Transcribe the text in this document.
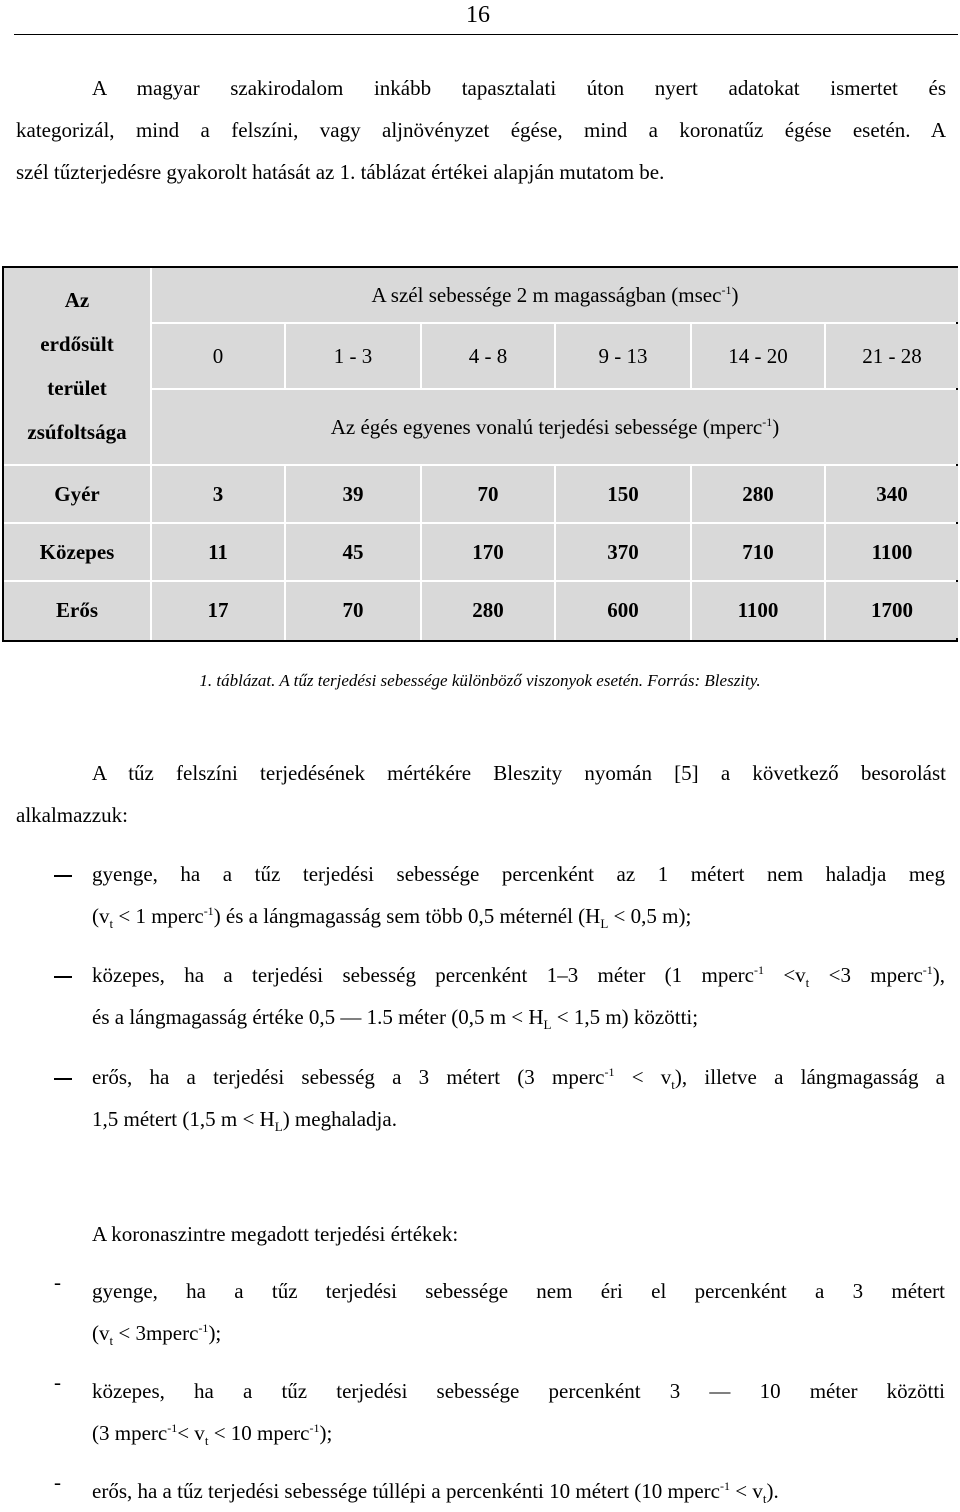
16
A magyar szakirodalom inkább tapasztalati úton nyert adatokat ismertet és
kategorizál, mind a felszíni, vagy aljnövényzet égése, mind a koronatűz égése esetén. A
szél tűzterjedésre gyakorolt hatását az 1. táblázat értékei alapján mutatom be.
Az
erdősült
terület
zsúfoltsága
A szél sebessége 2 m magasságban (msec$^{-1}$)
0	1 - 3	4 - 8	9 - 13	14 - 20	21 - 28
Az égés egyenes vonalú terjedési sebessége (mperc$^{-1}$)
Gyér	3	39	70	150	280	340
Közepes	11	45	170	370	710	1100
Erős	17	70	280	600	1100	1700
1. táblázat. A tűz terjedési sebessége különböző viszonyok esetén. Forrás: Bleszity.
A tűz felszíni terjedésének mértékére Bleszity nyomán [5] a következő besorolást
alkalmazzuk:
gyenge, ha a tűz terjedési sebessége percenként az 1 métert nem haladja meg
($v_t < 1$ mperc$^{-1}$) és a lángmagasság sem több 0,5 méternél ($H_L < 0,5$ m);
közepes, ha a terjedési sebesség percenként 1–3 méter (1 mperc$^{-1}$ $<v_t <3$ mperc$^{-1}$),
és a lángmagasság értéke 0,5 — 1.5 méter (0,5 $m < H_L < 1,5$ m) közötti;
erős, ha a terjedési sebesség a 3 métert (3 mperc$^{-1}$ < $v_t$), illetve a lángmagasság a
1,5 métert (1,5 $m < H_L$) meghaladja.
A koronaszintre megadott terjedési értékek:
- gyenge, ha a tűz terjedési sebessége nem éri el percenként a 3 métert
($v_t$ < 3mperc$^{-1}$);
- közepes, ha a tűz terjedési sebessége percenként 3 — 10 méter közötti
(3 mperc$^{-1}$< $v_t < 10$ mperc$^{-1}$);
- erős, ha a tűz terjedési sebessége túllépi a percenkénti 10 métert (10 mperc$^{-1}$ < $v_t$).
